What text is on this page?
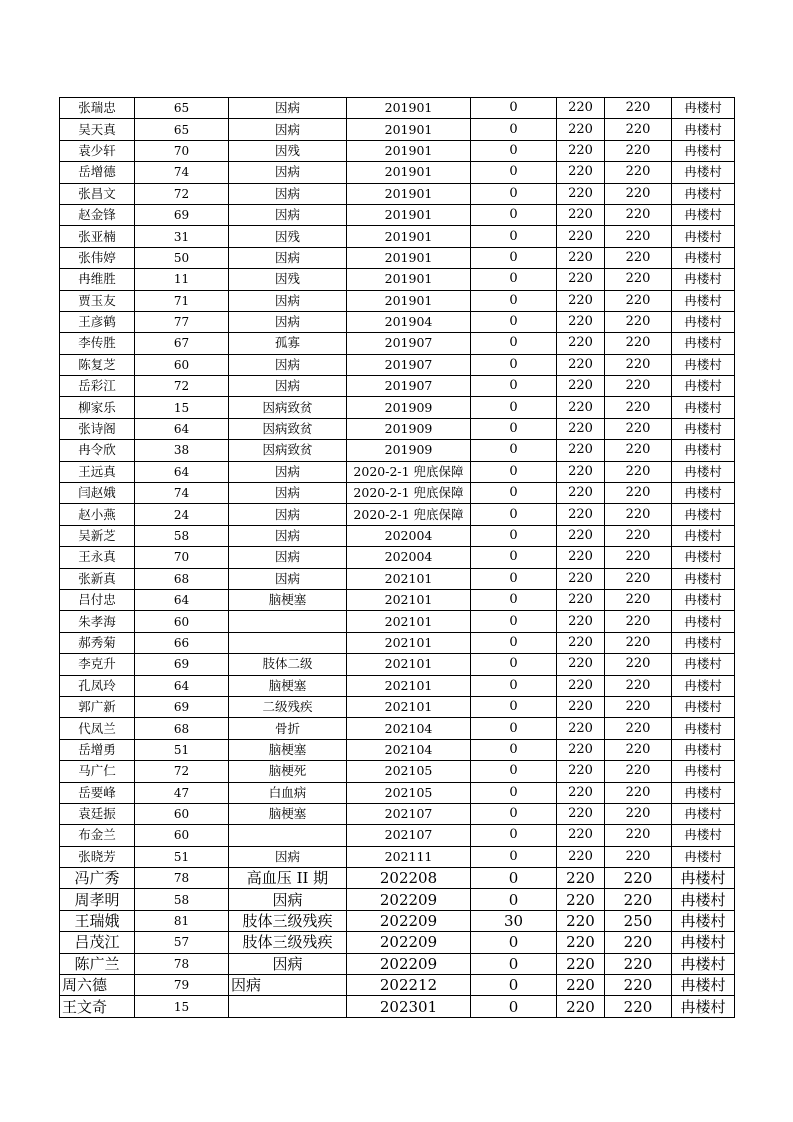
张瑞忠	65	因病	201901	0	220	220	冉楼村
吴天真	65	因病	201901	0	220	220	冉楼村
袁少轩	70	因残	201901	0	220	220	冉楼村
岳增德	74	因病	201901	0	220	220	冉楼村
张昌文	72	因病	201901	0	220	220	冉楼村
赵金锋	69	因病	201901	0	220	220	冉楼村
张亚楠	31	因残	201901	0	220	220	冉楼村
张伟婷	50	因病	201901	0	220	220	冉楼村
冉维胜	11	因残	201901	0	220	220	冉楼村
贾玉友	71	因病	201901	0	220	220	冉楼村
王彦鹤	77	因病	201904	0	220	220	冉楼村
李传胜	67	孤寡	201907	0	220	220	冉楼村
陈复芝	60	因病	201907	0	220	220	冉楼村
岳彩江	72	因病	201907	0	220	220	冉楼村
柳家乐	15	因病致贫	201909	0	220	220	冉楼村
张诗阁	64	因病致贫	201909	0	220	220	冉楼村
冉令欣	38	因病致贫	201909	0	220	220	冉楼村
王远真	64	因病	2020-2-1 兜底保障	0	220	220	冉楼村
闫赵娥	74	因病	2020-2-1 兜底保障	0	220	220	冉楼村
赵小燕	24	因病	2020-2-1 兜底保障	0	220	220	冉楼村
吴新芝	58	因病	202004	0	220	220	冉楼村
王永真	70	因病	202004	0	220	220	冉楼村
张新真	68	因病	202101	0	220	220	冉楼村
吕付忠	64	脑梗塞	202101	0	220	220	冉楼村
朱孝海	60		202101	0	220	220	冉楼村
郝秀菊	66		202101	0	220	220	冉楼村
李克升	69	肢体二级	202101	0	220	220	冉楼村
孔凤玲	64	脑梗塞	202101	0	220	220	冉楼村
郭广新	69	二级残疾	202101	0	220	220	冉楼村
代凤兰	68	骨折	202104	0	220	220	冉楼村
岳增勇	51	脑梗塞	202104	0	220	220	冉楼村
马广仁	72	脑梗死	202105	0	220	220	冉楼村
岳要峰	47	白血病	202105	0	220	220	冉楼村
袁廷振	60	脑梗塞	202107	0	220	220	冉楼村
布金兰	60		202107	0	220	220	冉楼村
张晓芳	51	因病	202111	0	220	220	冉楼村
冯广秀	78	高血压 II 期	202208	0	220	220	冉楼村
周孝明	58	因病	202209	0	220	220	冉楼村
王瑞娥	81	肢体三级残疾	202209	30	220	250	冉楼村
吕茂江	57	肢体三级残疾	202209	0	220	220	冉楼村
陈广兰	78	因病	202209	0	220	220	冉楼村
周六德	79	因病	202212	0	220	220	冉楼村
王文奇	15		202301	0	220	220	冉楼村
